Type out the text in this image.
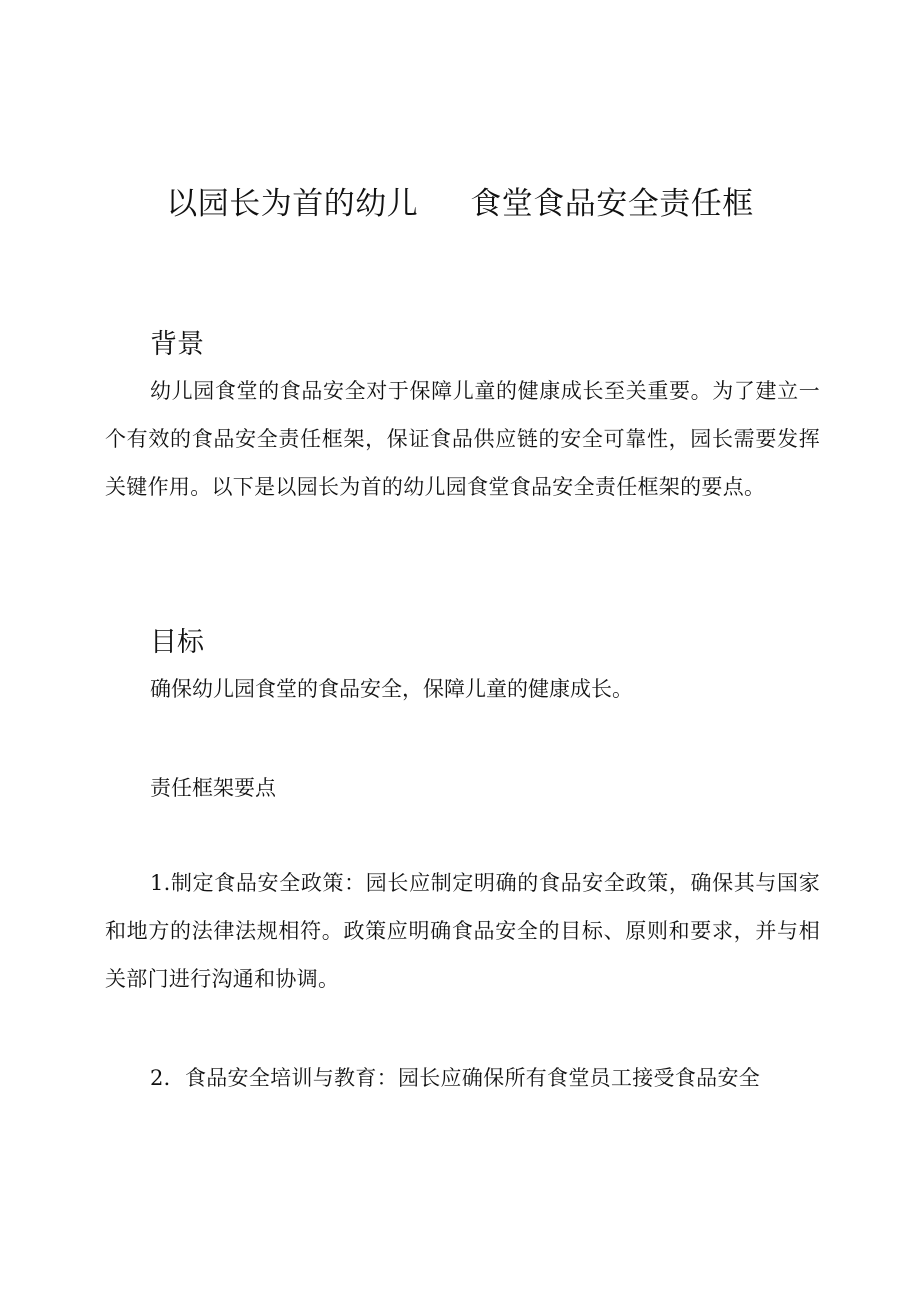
以园长为首的幼儿 食堂食品安全责任框
背景
幼儿园食堂的食品安全对于保障儿童的健康成长至关重要。为了建立一个有效的食品安全责任框架，保证食品供应链的安全可靠性，园长需要发挥关键作用。以下是以园长为首的幼儿园食堂食品安全责任框架的要点。
目标
确保幼儿园食堂的食品安全，保障儿童的健康成长。
责任框架要点
1.制定食品安全政策：园长应制定明确的食品安全政策，确保其与国家和地方的法律法规相符。政策应明确食品安全的目标、原则和要求，并与相关部门进行沟通和协调。
2．食品安全培训与教育：园长应确保所有食堂员工接受食品安全
